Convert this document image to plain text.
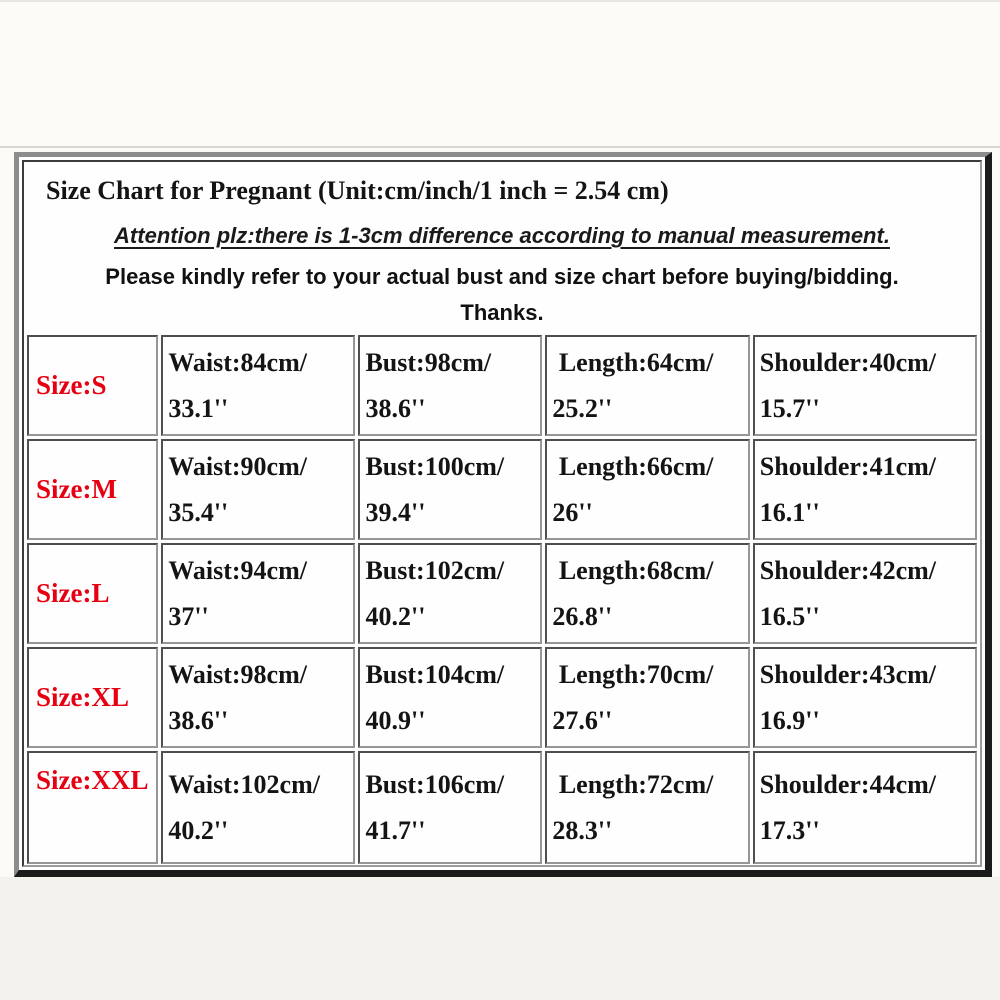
Size Chart for Pregnant (Unit:cm/inch/1 inch = 2.54 cm)
Attention plz:there is 1-3cm difference according to manual measurement.
Please kindly refer to your actual bust and size chart before buying/bidding.
Thanks.
Size:S	
Waist:84cm/
33.1''

Bust:98cm/
38.6''

Length:64cm/
25.2''

Shoulder:40cm/
15.7''

Size:M	
Waist:90cm/
35.4''

Bust:100cm/
39.4''

Length:66cm/
26''

Shoulder:41cm/
16.1''

Size:L	
Waist:94cm/
37''

Bust:102cm/
40.2''

Length:68cm/
26.8''

Shoulder:42cm/
16.5''

Size:XL	
Waist:98cm/
38.6''

Bust:104cm/
40.9''

Length:70cm/
27.6''

Shoulder:43cm/
16.9''

Size:XXL	Waist:102cm/
40.2''

Bust:106cm/
41.7''

Length:72cm/
28.3''

Shoulder:44cm/
17.3''
